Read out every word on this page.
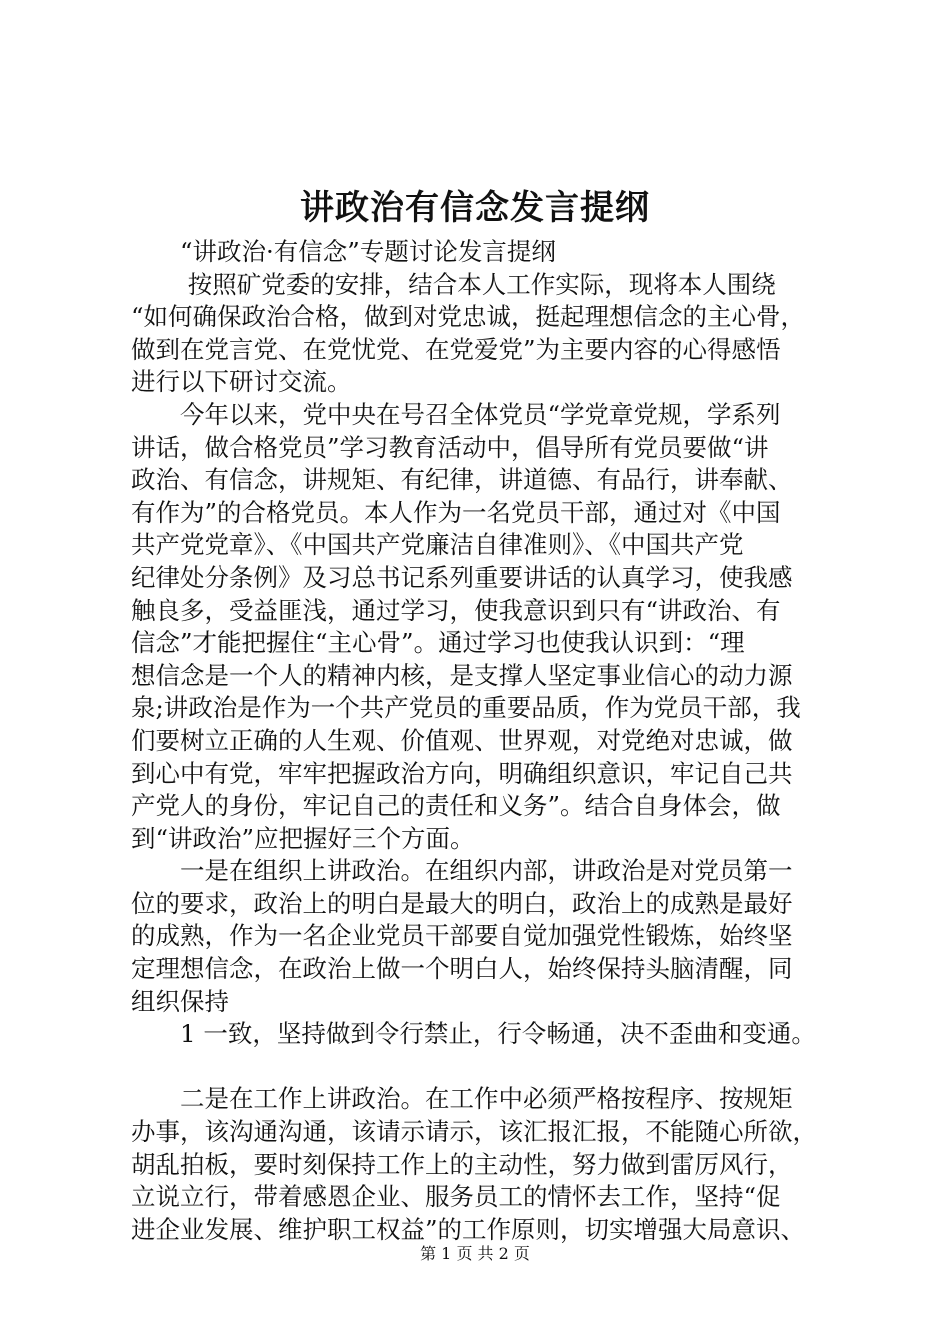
讲政治有信念发言提纲
　　“讲政治·有信念”专题讨论发言提纲
　　 按照矿党委的安排，结合本人工作实际，现将本人围绕
“如何确保政治合格，做到对党忠诚，挺起理想信念的主心骨，
做到在党言党、在党忧党、在党爱党”为主要内容的心得感悟
进行以下研讨交流。
　　今年以来，党中央在号召全体党员“学党章党规，学系列
讲话，做合格党员”学习教育活动中，倡导所有党员要做“讲
政治、有信念，讲规矩、有纪律，讲道德、有品行，讲奉献、
有作为”的合格党员。本人作为一名党员干部，通过对《中国
共产党党章》、《中国共产党廉洁自律准则》、《中国共产党
纪律处分条例》及习总书记系列重要讲话的认真学习，使我感
触良多，受益匪浅，通过学习，使我意识到只有“讲政治、有
信念”才能把握住“主心骨”。通过学习也使我认识到：“理
想信念是一个人的精神内核，是支撑人坚定事业信心的动力源
泉;讲政治是作为一个共产党员的重要品质，作为党员干部，我
们要树立正确的人生观、价值观、世界观，对党绝对忠诚，做
到心中有党，牢牢把握政治方向，明确组织意识，牢记自己共
产党人的身份，牢记自己的责任和义务”。结合自身体会，做
到“讲政治”应把握好三个方面。
　　一是在组织上讲政治。在组织内部，讲政治是对党员第一
位的要求，政治上的明白是最大的明白，政治上的成熟是最好
的成熟，作为一名企业党员干部要自觉加强党性锻炼，始终坚
定理想信念，在政治上做一个明白人，始终保持头脑清醒，同
组织保持
　　1 一致，坚持做到令行禁止，行令畅通，决不歪曲和变通。
　　二是在工作上讲政治。在工作中必须严格按程序、按规矩
办事，该沟通沟通，该请示请示，该汇报汇报，不能随心所欲，
胡乱拍板，要时刻保持工作上的主动性，努力做到雷厉风行，
立说立行，带着感恩企业、服务员工的情怀去工作，坚持“促
进企业发展、维护职工权益”的工作原则，切实增强大局意识、
第 1 页 共 2 页
